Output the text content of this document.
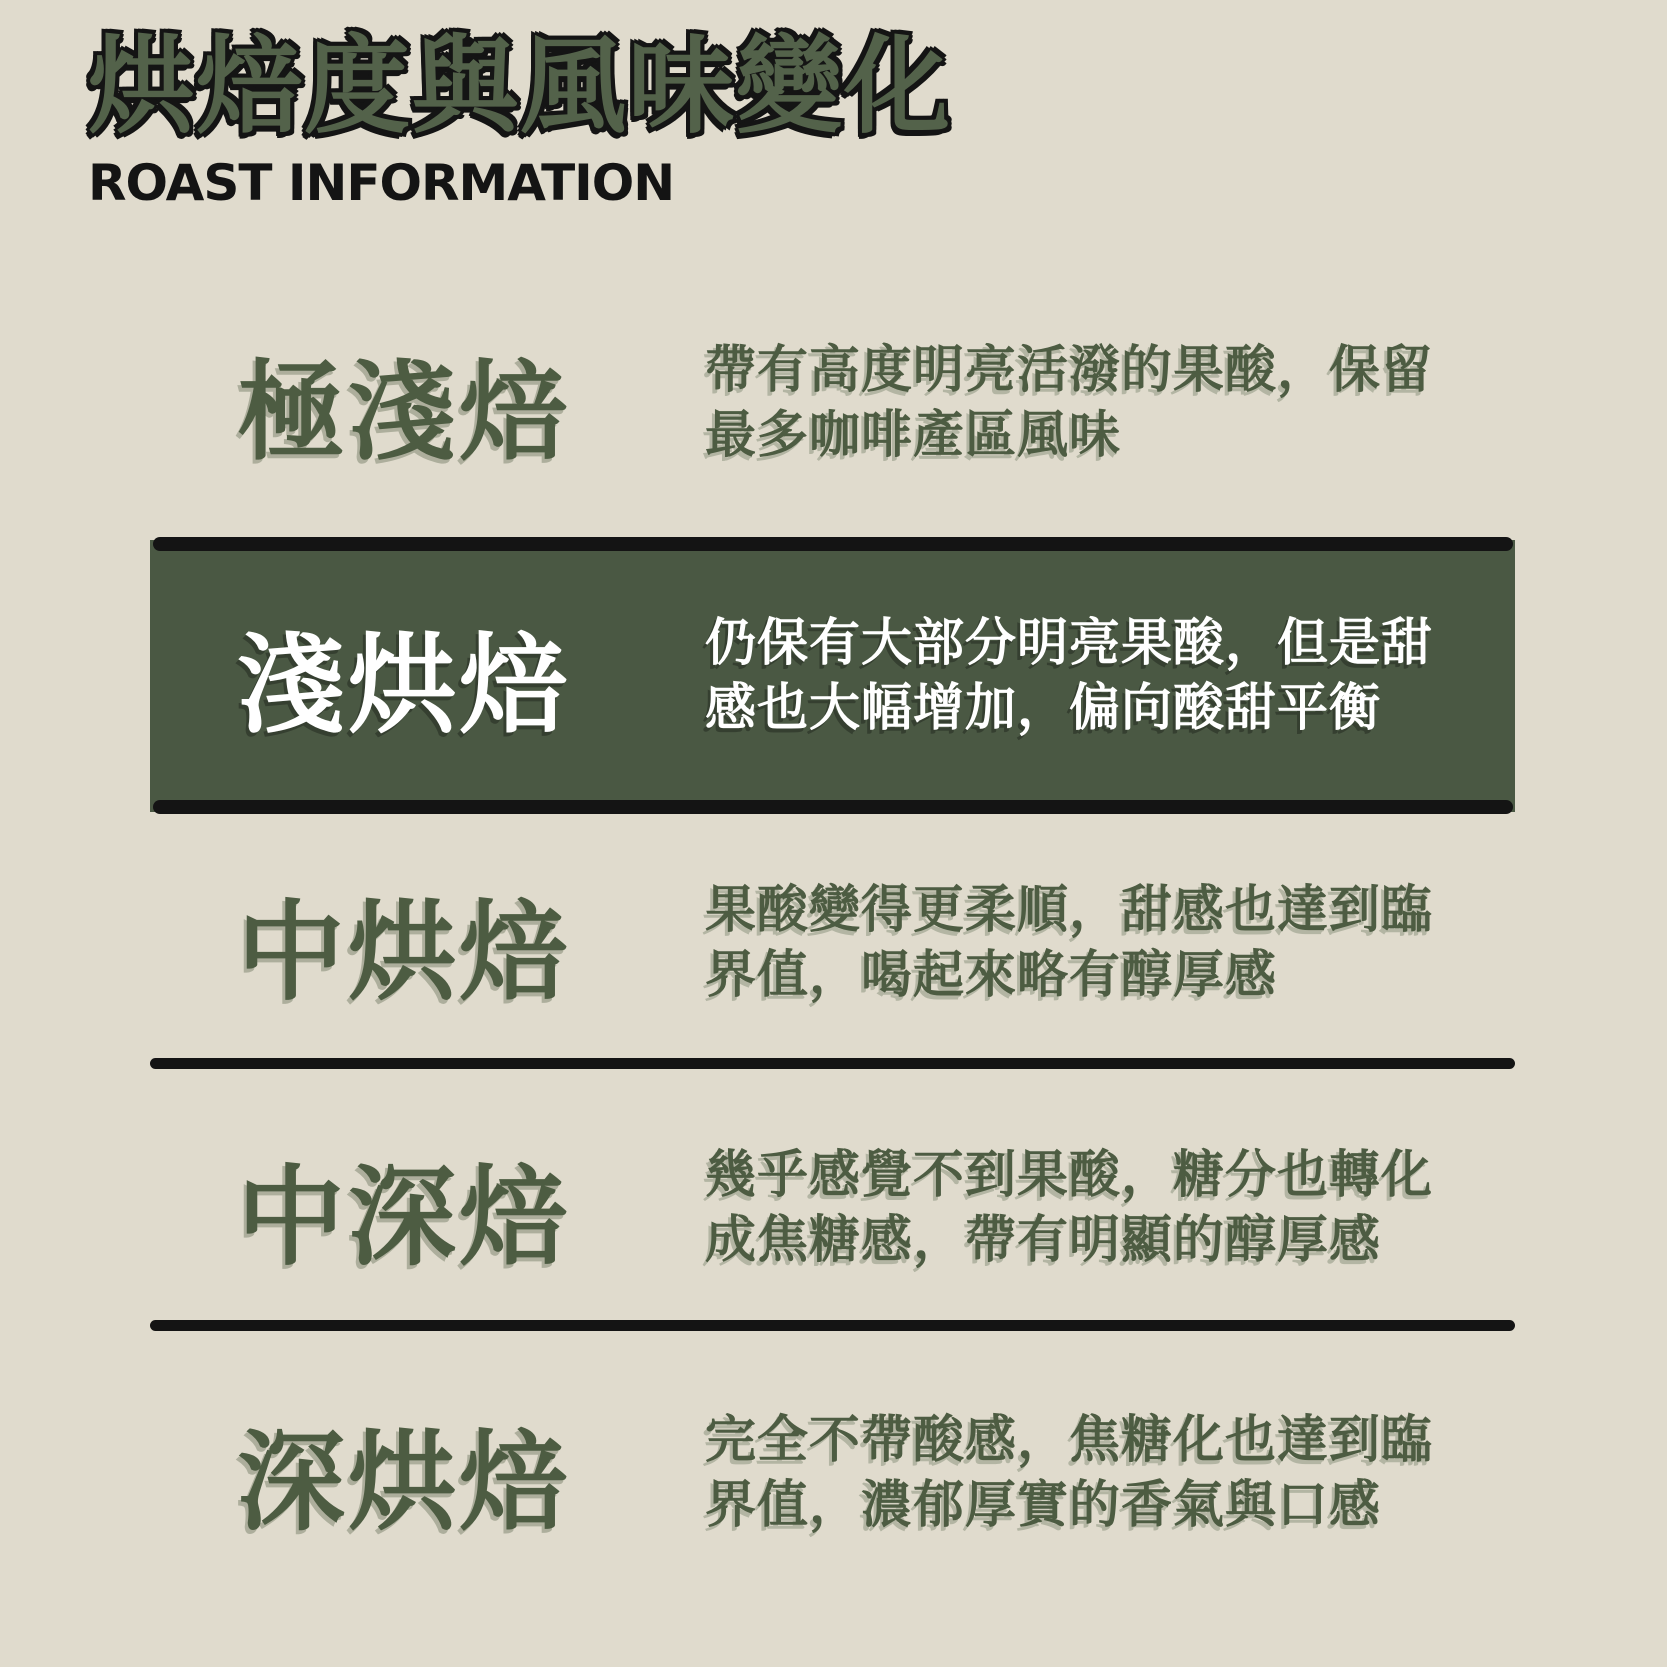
烘焙度與風味變化
ROAST INFORMATION
極淺焙	帶有高度明亮活潑的果酸，保留
最多咖啡產區風味
淺烘焙	仍保有大部分明亮果酸，但是甜
感也大幅增加，偏向酸甜平衡
中烘焙	果酸變得更柔順，甜感也達到臨
界值，喝起來略有醇厚感
中深焙	幾乎感覺不到果酸，糖分也轉化
成焦糖感，帶有明顯的醇厚感
深烘焙	完全不帶酸感，焦糖化也達到臨
界值，濃郁厚實的香氣與口感
